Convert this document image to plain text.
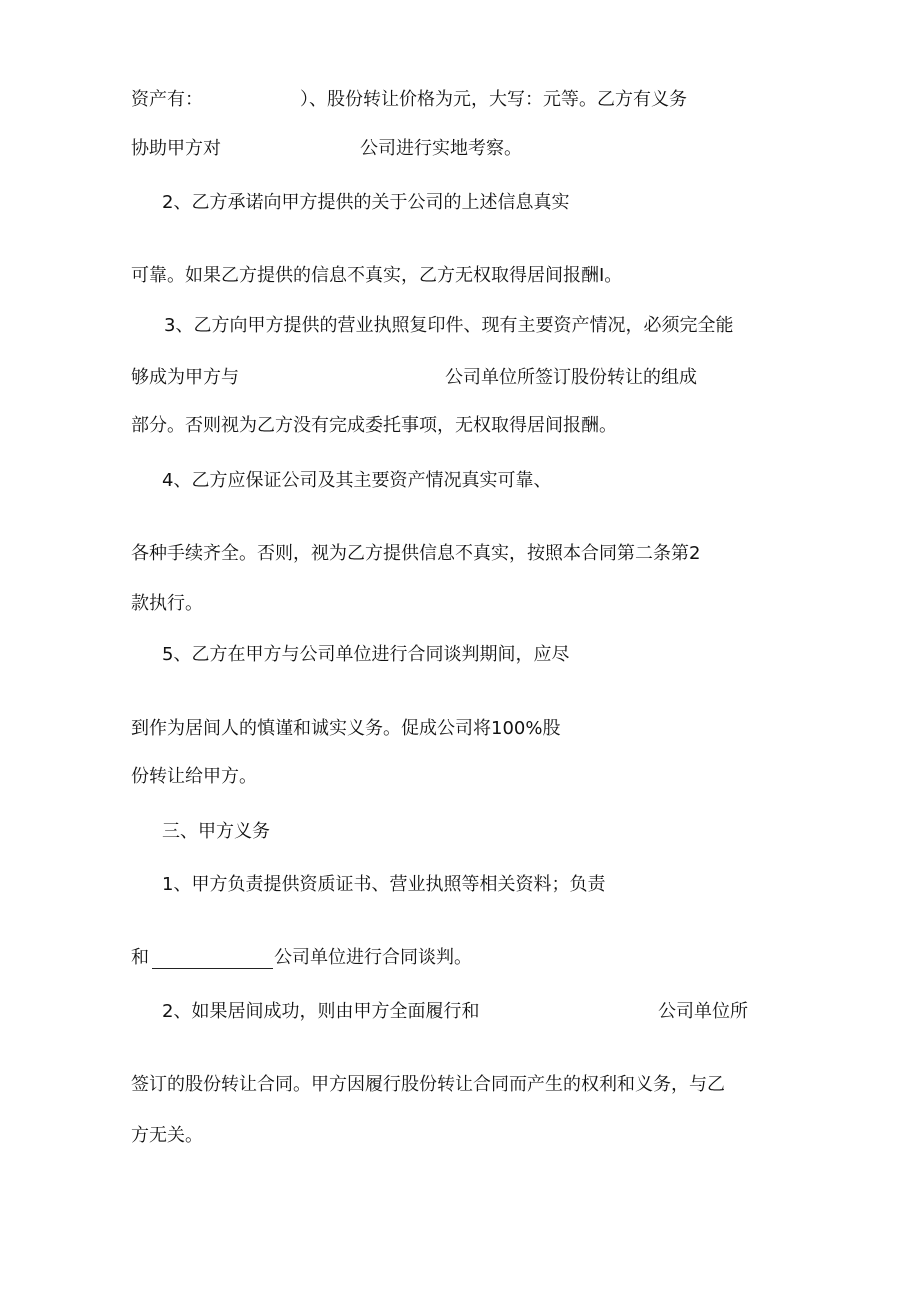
资产有：	）、股份转让价格为元，大写：元等。乙方有义务
协助甲方对	公司进行实地考察。
2、乙方承诺向甲方提供的关于公司的上述信息真实
可靠。如果乙方提供的信息不真实，乙方无权取得居间报酬I。
3、乙方向甲方提供的营业执照复印件、现有主要资产情况，必须完全能
够成为甲方与	公司单位所签订股份转让的组成
部分。否则视为乙方没有完成委托事项，无权取得居间报酬。
4、乙方应保证公司及其主要资产情况真实可靠、
各种手续齐全。否则，视为乙方提供信息不真实，按照本合同第二条第2
款执行。
5、乙方在甲方与公司单位进行合同谈判期间，应尽
到作为居间人的慎谨和诚实义务。促成公司将100%股
份转让给甲方。
三、甲方义务
1、甲方负责提供资质证书、营业执照等相关资料；负责
和	公司单位进行合同谈判。
2、如果居间成功，则由甲方全面履行和	公司单位所
签订的股份转让合同。甲方因履行股份转让合同而产生的权利和义务，与乙
方无关。
